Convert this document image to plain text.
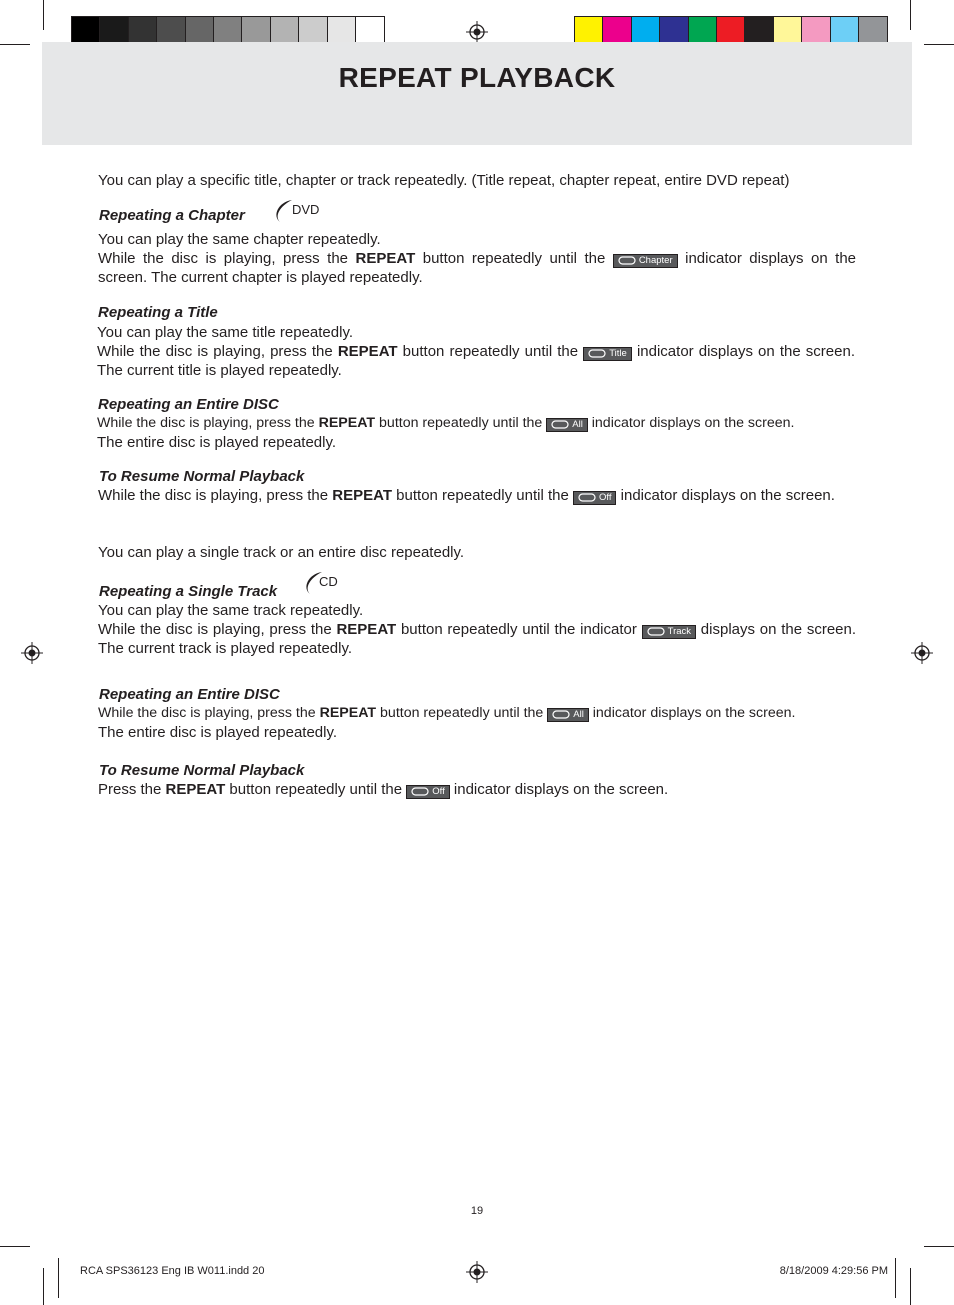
REPEAT PLAYBACK

You can play a specific title, chapter or track repeatedly. (Title repeat, chapter repeat, entire DVD repeat)

Repeating a Chapter	DVD

You can play the same chapter repeatedly.

While the disc is playing, press the REPEAT button repeatedly until the	Chapter indicator displays on the screen. The current chapter is played repeatedly.

Repeating a Title

You can play the same title repeatedly.

While the disc is playing, press the REPEAT button repeatedly until the	Title indicator displays on the screen. The current title is played repeatedly.

Repeating an Entire DISC

While the disc is playing, press the REPEAT button repeatedly until the	All indicator displays on the screen.

The entire disc is played repeatedly.

To Resume Normal Playback

While the disc is playing, press the REPEAT button repeatedly until the	Off indicator displays on the screen.

You can play a single track or an entire disc repeatedly.

Repeating a Single Track
CD

You can play the same track repeatedly.

While the disc is playing, press the REPEAT button repeatedly until the indicator	Track displays on the screen. The current track is played repeatedly.

Repeating an Entire DISC

While the disc is playing, press the REPEAT button repeatedly until the	All indicator displays on the screen.

The entire disc is played repeatedly.

To Resume Normal Playback

Press the REPEAT button repeatedly until the	Off indicator displays on the screen.

19
RCA SPS36123 Eng IB W011.indd 20	8/18/2009 4:29:56 PM
